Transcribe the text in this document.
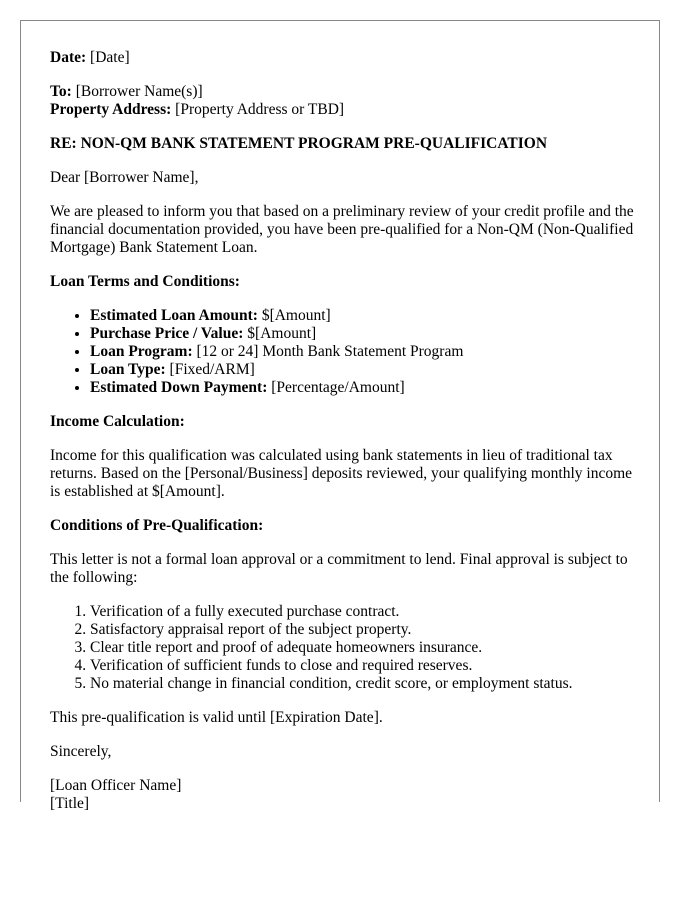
Date: [Date]

To: [Borrower Name(s)]

Property Address: [Property Address or TBD]

RE: NON-QM BANK STATEMENT PROGRAM PRE-QUALIFICATION

Dear [Borrower Name],

We are pleased to inform you that based on a preliminary review of your credit profile and the financial documentation provided, you have been pre-qualified for a Non-QM (Non-Qualified Mortgage) Bank Statement Loan.

Loan Terms and Conditions:

• Estimated Loan Amount: $[Amount]
• Purchase Price / Value: $[Amount]
• Loan Program: [12 or 24] Month Bank Statement Program
• Loan Type: [Fixed/ARM]
• Estimated Down Payment: [Percentage/Amount]

Income Calculation:

Income for this qualification was calculated using bank statements in lieu of traditional tax returns. Based on the [Personal/Business] deposits reviewed, your qualifying monthly income is established at $[Amount].

Conditions of Pre-Qualification:

This letter is not a formal loan approval or a commitment to lend. Final approval is subject to the following:

1. Verification of a fully executed purchase contract.
2. Satisfactory appraisal report of the subject property.
3. Clear title report and proof of adequate homeowners insurance.
4. Verification of sufficient funds to close and required reserves.
5. No material change in financial condition, credit score, or employment status.

This pre-qualification is valid until [Expiration Date].

Sincerely,

[Loan Officer Name]

[Title]
